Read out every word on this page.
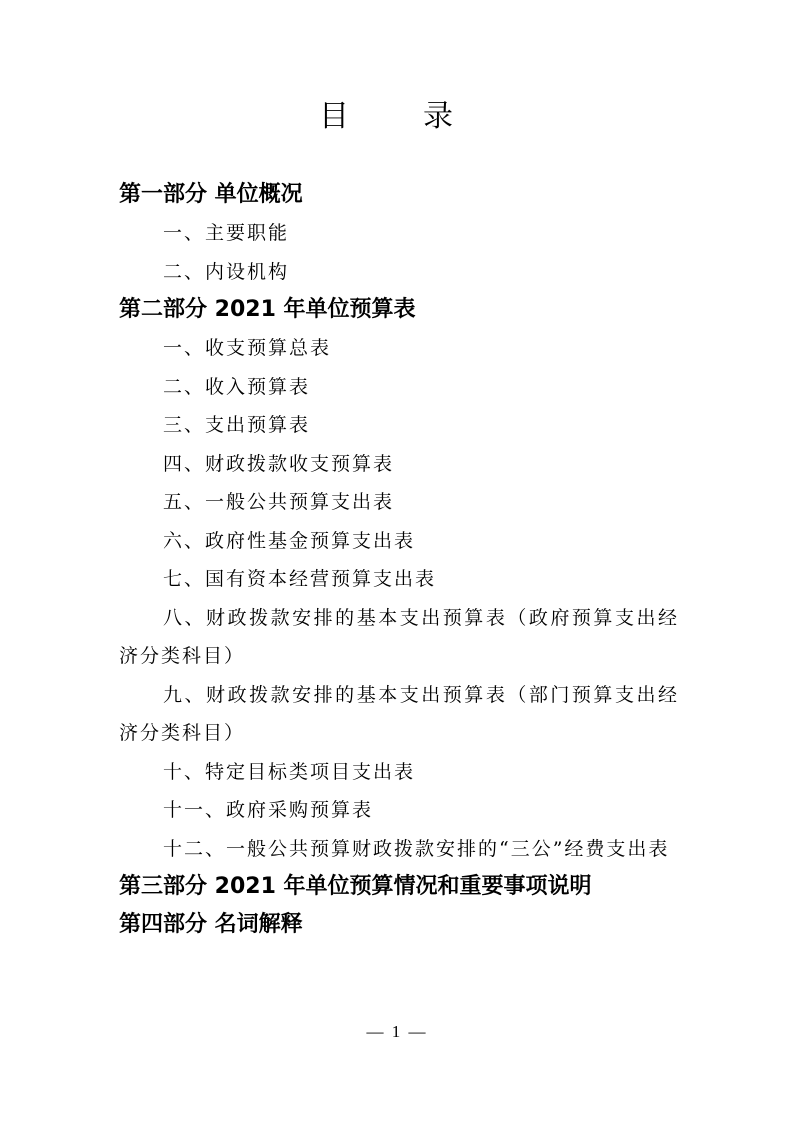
目　录
第一部分 单位概况
一、主要职能
二、内设机构
第二部分 2021 年单位预算表
一、收支预算总表
二、收入预算表
三、支出预算表
四、财政拨款收支预算表
五、一般公共预算支出表
六、政府性基金预算支出表
七、国有资本经营预算支出表
八、财政拨款安排的基本支出预算表（政府预算支出经济分类科目）
九、财政拨款安排的基本支出预算表（部门预算支出经济分类科目）
十、特定目标类项目支出表
十一、政府采购预算表
十二、一般公共预算财政拨款安排的“三公”经费支出表
第三部分 2021 年单位预算情况和重要事项说明
第四部分 名词解释
— 1 —
